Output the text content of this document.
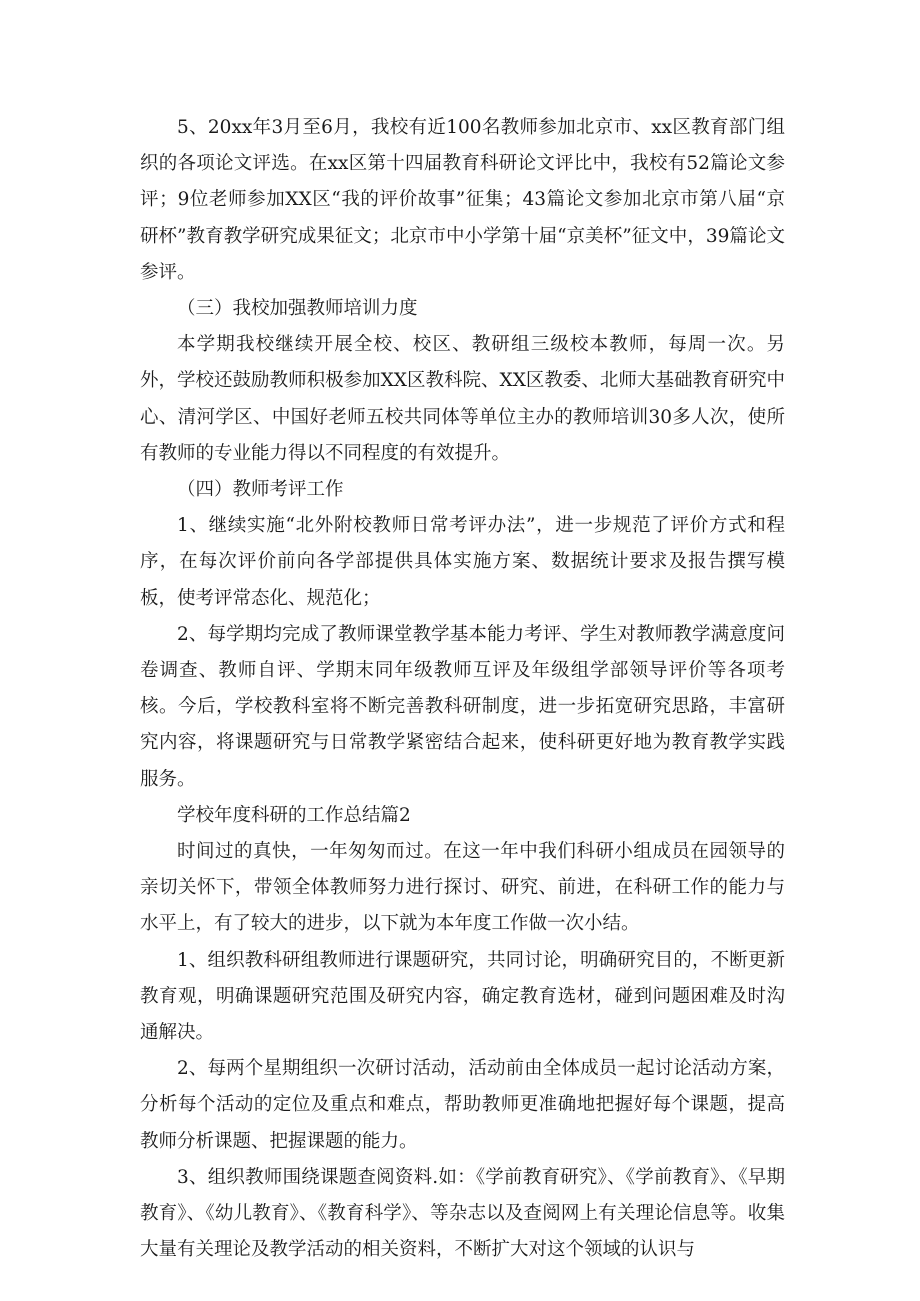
5、20xx年3月至6月，我校有近100名教师参加北京市、xx区教育部门组织的各项论文评选。在xx区第十四届教育科研论文评比中，我校有52篇论文参评；9位老师参加XX区“我的评价故事”征集；43篇论文参加北京市第八届“京研杯”教育教学研究成果征文；北京市中小学第十届“京美杯”征文中，39篇论文参评。

（三）我校加强教师培训力度

本学期我校继续开展全校、校区、教研组三级校本教师，每周一次。另外，学校还鼓励教师积极参加XX区教科院、XX区教委、北师大基础教育研究中心、清河学区、中国好老师五校共同体等单位主办的教师培训30多人次，使所有教师的专业能力得以不同程度的有效提升。

（四）教师考评工作

1、继续实施“北外附校教师日常考评办法”，进一步规范了评价方式和程序，在每次评价前向各学部提供具体实施方案、数据统计要求及报告撰写模板，使考评常态化、规范化；

2、每学期均完成了教师课堂教学基本能力考评、学生对教师教学满意度问卷调查、教师自评、学期末同年级教师互评及年级组学部领导评价等各项考核。今后，学校教科室将不断完善教科研制度，进一步拓宽研究思路，丰富研究内容，将课题研究与日常教学紧密结合起来，使科研更好地为教育教学实践服务。

学校年度科研的工作总结篇2

时间过的真快，一年匆匆而过。在这一年中我们科研小组成员在园领导的亲切关怀下，带领全体教师努力进行探讨、研究、前进，在科研工作的能力与水平上，有了较大的进步，以下就为本年度工作做一次小结。

1、组织教科研组教师进行课题研究，共同讨论，明确研究目的，不断更新教育观，明确课题研究范围及研究内容，确定教育选材，碰到问题困难及时沟通解决。

2、每两个星期组织一次研讨活动，活动前由全体成员一起讨论活动方案，分析每个活动的定位及重点和难点，帮助教师更准确地把握好每个课题，提高教师分析课题、把握课题的能力。

3、组织教师围绕课题查阅资料.如：《学前教育研究》、《学前教育》、《早期教育》、《幼儿教育》、《教育科学》、等杂志以及查阅网上有关理论信息等。收集大量有关理论及教学活动的相关资料，不断扩大对这个领域的认识与
